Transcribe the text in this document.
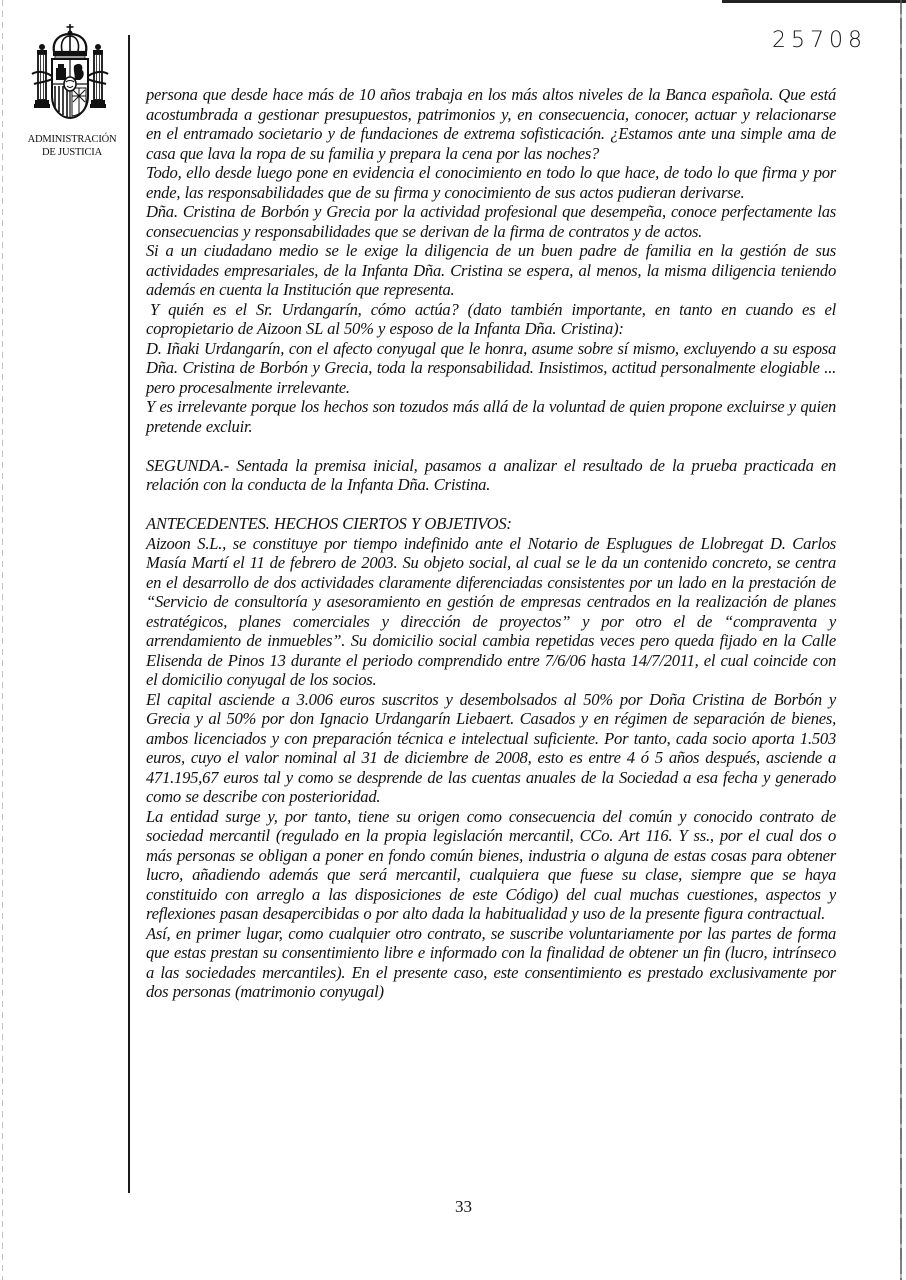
25708
ADMINISTRACIÓN
DE JUSTICIA

persona que desde hace más de 10 años trabaja en los más altos niveles de la Banca española. Que está acostumbrada a gestionar presupuestos, patrimonios y, en consecuencia, conocer, actuar y relacionarse en el entramado societario y de fundaciones de extrema sofisticación. ¿Estamos ante una simple ama de casa que lava la ropa de su familia y prepara la cena por las noches?

Todo, ello desde luego pone en evidencia el conocimiento en todo lo que hace, de todo lo que firma y por ende, las responsabilidades que de su firma y conocimiento de sus actos pudieran derivarse.

Dña. Cristina de Borbón y Grecia por la actividad profesional que desempeña, conoce perfectamente las consecuencias y responsabilidades que se derivan de la firma de contratos y de actos.

Si a un ciudadano medio se le exige la diligencia de un buen padre de familia en la gestión de sus actividades empresariales, de la Infanta Dña. Cristina se espera, al menos, la misma diligencia teniendo además en cuenta la Institución que representa.

Y quién es el Sr. Urdangarín, cómo actúa? (dato también importante, en tanto en cuando es el copropietario de Aizoon SL al 50% y esposo de la Infanta Dña. Cristina):

D. Iñaki Urdangarín, con el afecto conyugal que le honra, asume sobre sí mismo, excluyendo a su esposa Dña. Cristina de Borbón y Grecia, toda la responsabilidad. Insistimos, actitud personalmente elogiable ... pero procesalmente irrelevante.

Y es irrelevante porque los hechos son tozudos más allá de la voluntad de quien propone excluirse y quien pretende excluir.

SEGUNDA.- Sentada la premisa inicial, pasamos a analizar el resultado de la prueba practicada en relación con la conducta de la Infanta Dña. Cristina.

ANTECEDENTES. HECHOS CIERTOS Y OBJETIVOS:

Aizoon S.L., se constituye por tiempo indefinido ante el Notario de Esplugues de Llobregat D. Carlos Masía Martí el 11 de febrero de 2003. Su objeto social, al cual se le da un contenido concreto, se centra en el desarrollo de dos actividades claramente diferenciadas consistentes por un lado en la prestación de “Servicio de consultoría y asesoramiento en gestión de empresas centrados en la realización de planes estratégicos, planes comerciales y dirección de proyectos” y por otro el de “compraventa y arrendamiento de inmuebles”. Su domicilio social cambia repetidas veces pero queda fijado en la Calle Elisenda de Pinos 13 durante el periodo comprendido entre 7/6/06 hasta 14/7/2011, el cual coincide con el domicilio conyugal de los socios.

El capital asciende a 3.006 euros suscritos y desembolsados al 50% por Doña Cristina de Borbón y Grecia y al 50% por don Ignacio Urdangarín Liebaert. Casados y en régimen de separación de bienes, ambos licenciados y con preparación técnica e intelectual suficiente. Por tanto, cada socio aporta 1.503 euros, cuyo el valor nominal al 31 de diciembre de 2008, esto es entre 4 ó 5 años después, asciende a 471.195,67 euros tal y como se desprende de las cuentas anuales de la Sociedad a esa fecha y generado como se describe con posterioridad.

La entidad surge y, por tanto, tiene su origen como consecuencia del común y conocido contrato de sociedad mercantil (regulado en la propia legislación mercantil, CCo. Art 116. Y ss., por el cual dos o más personas se obligan a poner en fondo común bienes, industria o alguna de estas cosas para obtener lucro, añadiendo además que será mercantil, cualquiera que fuese su clase, siempre que se haya constituido con arreglo a las disposiciones de este Código) del cual muchas cuestiones, aspectos y reflexiones pasan desapercibidas o por alto dada la habitualidad y uso de la presente figura contractual.

Así, en primer lugar, como cualquier otro contrato, se suscribe voluntariamente por las partes de forma que estas prestan su consentimiento libre e informado con la finalidad de obtener un fin (lucro, intrínseco a las sociedades mercantiles). En el presente caso, este consentimiento es prestado exclusivamente por dos personas (matrimonio conyugal)

33
